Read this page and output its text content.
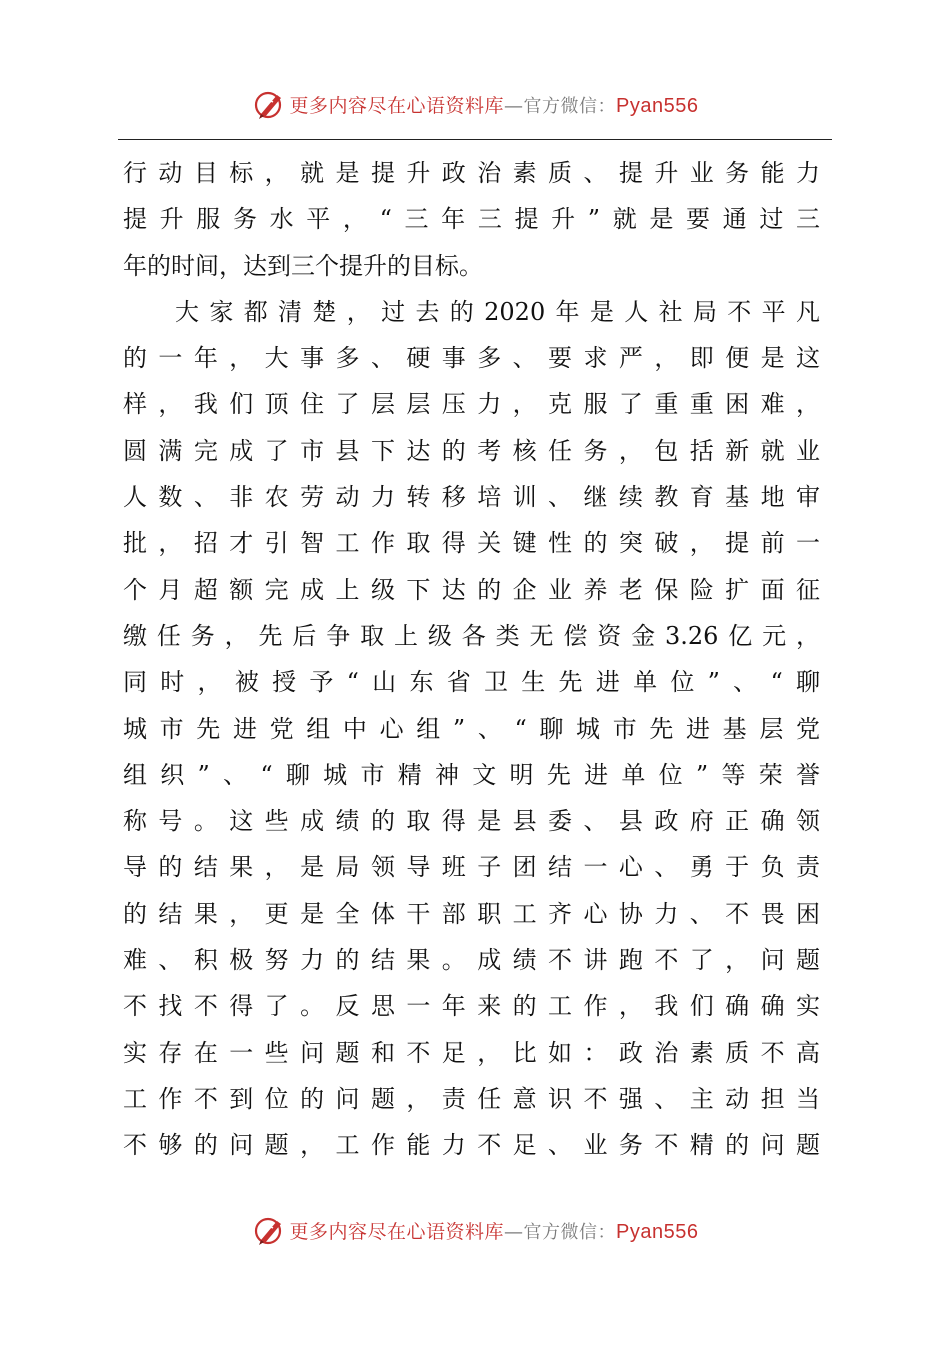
更多内容尽在心语资料库—官方微信：Pyan556
行动目标，就是提升政治素质、提升业务能力
提升服务水平，“三年三提升”就是要通过三
年的时间，达到三个提升的目标。
大家都清楚，过去的2020年是人社局不平凡
的一年，大事多、硬事多、要求严，即便是这
样，我们顶住了层层压力，克服了重重困难，
圆满完成了市县下达的考核任务，包括新就业
人数、非农劳动力转移培训、继续教育基地审
批，招才引智工作取得关键性的突破，提前一
个月超额完成上级下达的企业养老保险扩面征
缴任务，先后争取上级各类无偿资金3.26亿元，
同时，被授予“山东省卫生先进单位”、“聊
城市先进党组中心组”、“聊城市先进基层党
组织”、“聊城市精神文明先进单位”等荣誉
称号。这些成绩的取得是县委、县政府正确领
导的结果，是局领导班子团结一心、勇于负责
的结果，更是全体干部职工齐心协力、不畏困
难、积极努力的结果。成绩不讲跑不了，问题
不找不得了。反思一年来的工作，我们确确实
实存在一些问题和不足，比如：政治素质不高
工作不到位的问题，责任意识不强、主动担当
不够的问题，工作能力不足、业务不精的问题
更多内容尽在心语资料库—官方微信：Pyan556
